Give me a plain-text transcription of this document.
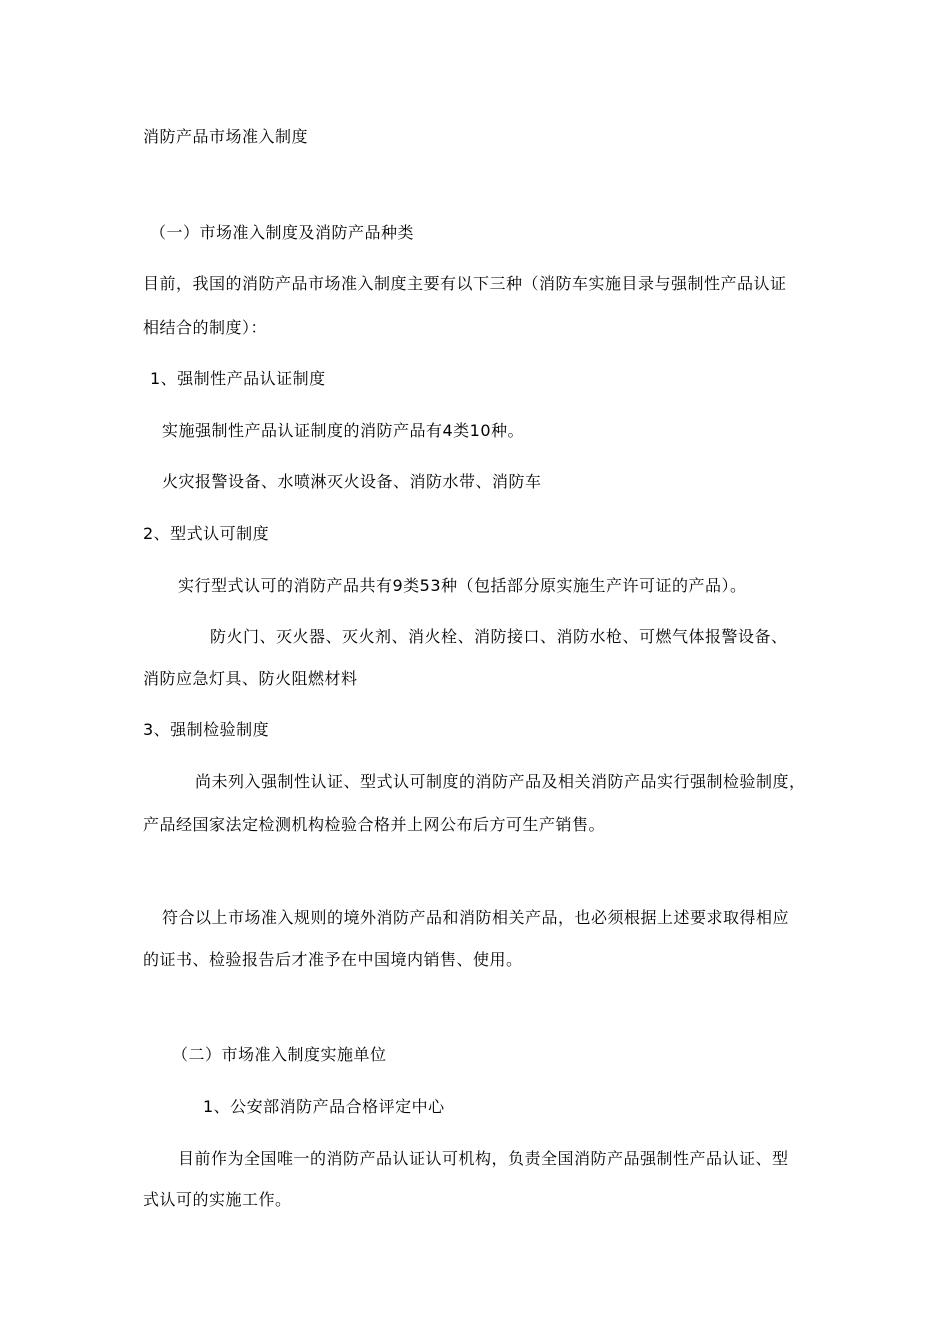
消防产品市场准入制度
（一）市场准入制度及消防产品种类
目前，我国的消防产品市场准入制度主要有以下三种（消防车实施目录与强制性产品认证
相结合的制度）：
1、强制性产品认证制度
实施强制性产品认证制度的消防产品有4类10种。
火灾报警设备、水喷淋灭火设备、消防水带、消防车
2、型式认可制度
实行型式认可的消防产品共有9类53种（包括部分原实施生产许可证的产品）。
防火门、灭火器、灭火剂、消火栓、消防接口、消防水枪、可燃气体报警设备、
消防应急灯具、防火阻燃材料
3、强制检验制度
尚未列入强制性认证、型式认可制度的消防产品及相关消防产品实行强制检验制度，
产品经国家法定检测机构检验合格并上网公布后方可生产销售。
符合以上市场准入规则的境外消防产品和消防相关产品，也必须根据上述要求取得相应
的证书、检验报告后才准予在中国境内销售、使用。
（二）市场准入制度实施单位
1、公安部消防产品合格评定中心
目前作为全国唯一的消防产品认证认可机构，负责全国消防产品强制性产品认证、型
式认可的实施工作。
